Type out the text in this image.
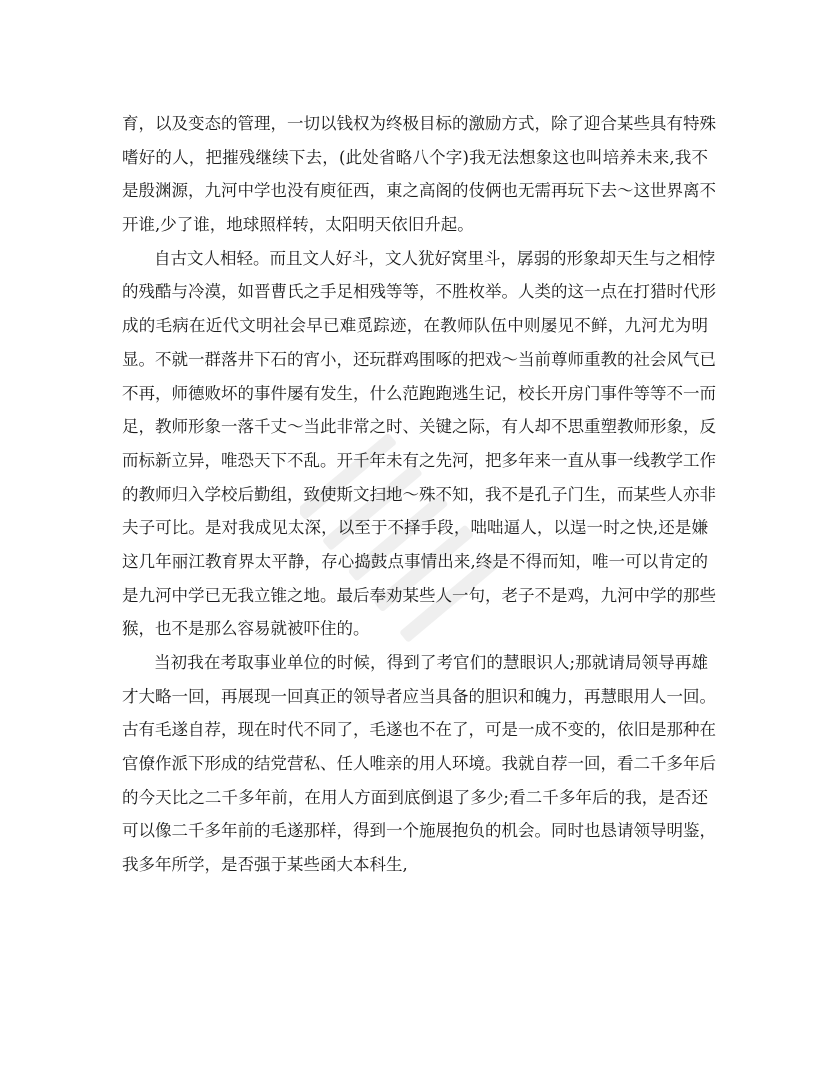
育，以及变态的管理，一切以钱权为终极目标的激励方式，除了迎合某些具有特殊
嗜好的人，把摧残继续下去，(此处省略八个字)我无法想象这也叫培养未来,我不
是殷渊源，九河中学也没有庾征西，東之高阁的伎俩也无需再玩下去～这世界离不
开谁,少了谁，地球照样转，太阳明天依旧升起。
自古文人相轻。而且文人好斗，文人犹好窝里斗，孱弱的形象却天生与之相悖
的残酷与冷漠，如晋曹氏之手足相残等等，不胜枚举。人类的这一点在打猎时代形
成的毛病在近代文明社会早已难觅踪迹，在教师队伍中则屡见不鲜，九河尤为明
显。不就一群落井下石的宵小，还玩群鸡围啄的把戏～当前尊师重教的社会风气已
不再，师德败坏的事件屡有发生，什么范跑跑逃生记，校长开房门事件等等不一而
足，教师形象一落千丈～当此非常之时、关键之际，有人却不思重塑教师形象，反
而标新立异，唯恐天下不乱。开千年未有之先河，把多年来一直从事一线教学工作
的教师归入学校后勤组，致使斯文扫地～殊不知，我不是孔子门生，而某些人亦非
夫子可比。是对我成见太深，以至于不择手段，咄咄逼人，以逞一时之快,还是嫌
这几年丽江教育界太平静，存心捣鼓点事情出来,终是不得而知，唯一可以肯定的
是九河中学已无我立锥之地。最后奉劝某些人一句，老子不是鸡，九河中学的那些
猴，也不是那么容易就被吓住的。
当初我在考取事业单位的时候，得到了考官们的慧眼识人;那就请局领导再雄
才大略一回，再展现一回真正的领导者应当具备的胆识和魄力，再慧眼用人一回。
古有毛遂自荐，现在时代不同了，毛遂也不在了，可是一成不变的，依旧是那种在
官僚作派下形成的结党营私、任人唯亲的用人环境。我就自荐一回，看二千多年后
的今天比之二千多年前，在用人方面到底倒退了多少;看二千多年后的我，是否还
可以像二千多年前的毛遂那样，得到一个施展抱负的机会。同时也恳请领导明鉴，
我多年所学，是否强于某些函大本科生,
